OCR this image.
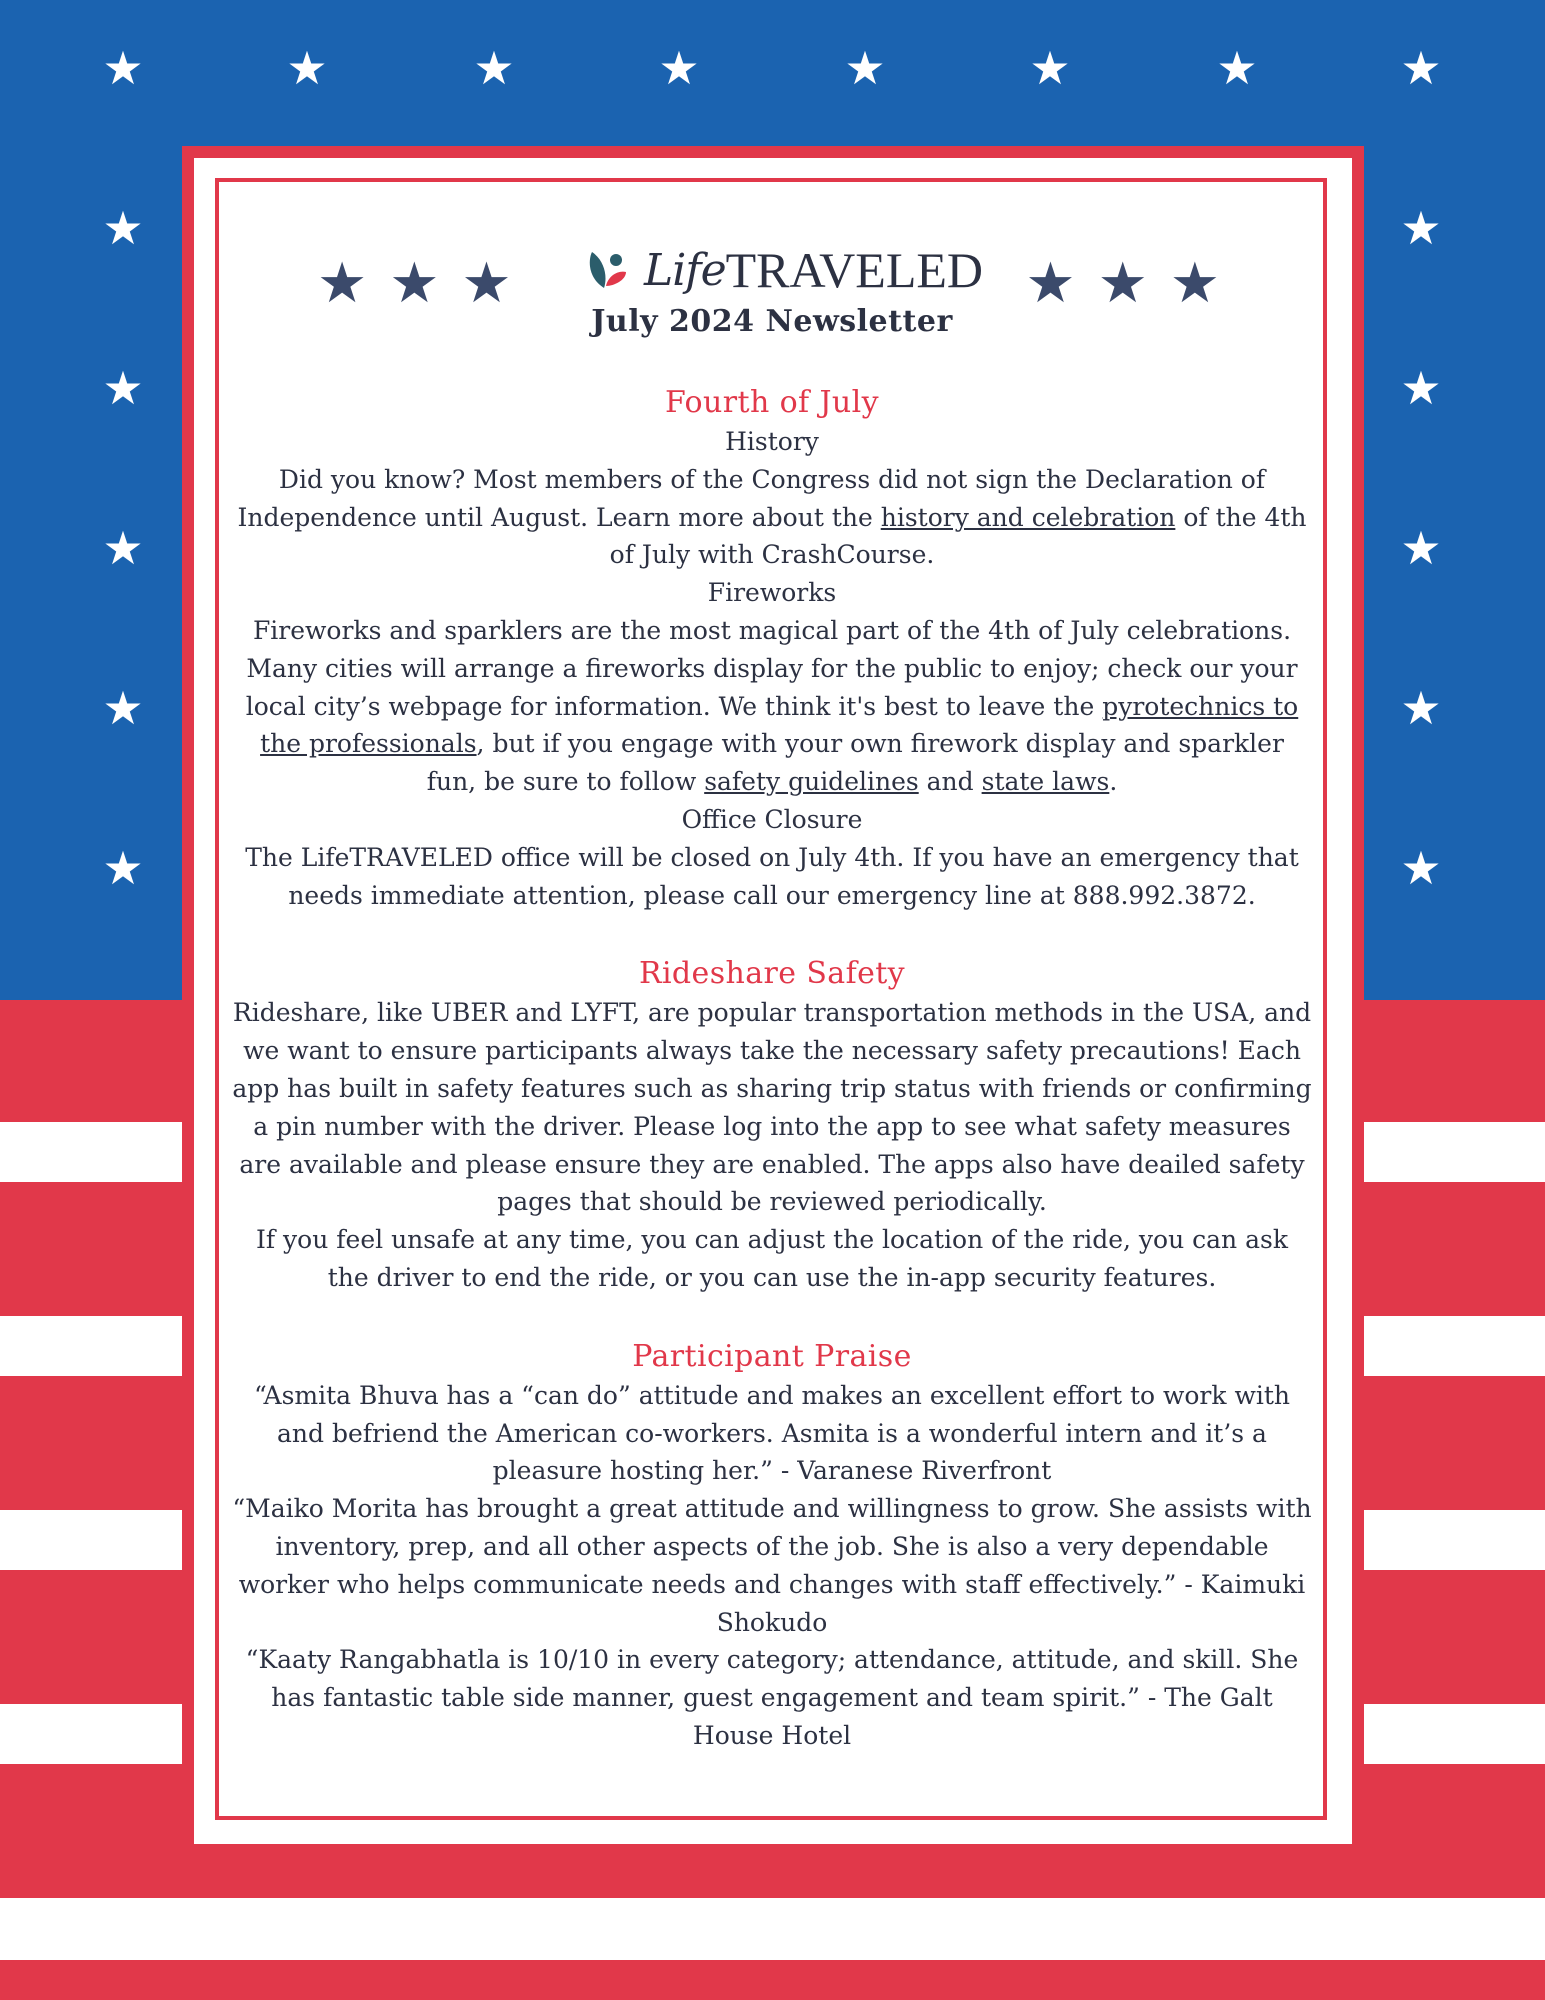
★	★	★	★	★	★	★	★
★
★
★
★
★
★
★
★
★
★
★ ★ ★	Life TRAVELED ★ ★ ★
July 2024 Newsletter
Fourth of July
History

Did you know? Most members of the Congress did not sign the Declaration of Independence until August. Learn more about the history and celebration of the 4th of July with CrashCourse.

Fireworks

Fireworks and sparklers are the most magical part of the 4th of July celebrations. Many cities will arrange a fireworks display for the public to enjoy; check our your local city’s webpage for information. We think it's best to leave the pyrotechnics to the professionals, but if you engage with your own firework display and sparkler fun, be sure to follow safety guidelines and state laws.

Office Closure

The LifeTRAVELED office will be closed on July 4th. If you have an emergency that needs immediate attention, please call our emergency line at 888.992.3872.

Rideshare Safety

Rideshare, like UBER and LYFT, are popular transportation methods in the USA, and we want to ensure participants always take the necessary safety precautions! Each app has built in safety features such as sharing trip status with friends or confirming a pin number with the driver. Please log into the app to see what safety measures are available and please ensure they are enabled. The apps also have deailed safety pages that should be reviewed periodically.

If you feel unsafe at any time, you can adjust the location of the ride, you can ask the driver to end the ride, or you can use the in-app security features.

Participant Praise

“Asmita Bhuva has a “can do” attitude and makes an excellent effort to work with and befriend the American co-workers. Asmita is a wonderful intern and it’s a pleasure hosting her.” - Varanese Riverfront

“Maiko Morita has brought a great attitude and willingness to grow. She assists with inventory, prep, and all other aspects of the job. She is also a very dependable worker who helps communicate needs and changes with staff effectively.” - Kaimuki Shokudo

“Kaaty Rangabhatla is 10/10 in every category; attendance, attitude, and skill. She has fantastic table side manner, guest engagement and team spirit.” - The Galt House Hotel
